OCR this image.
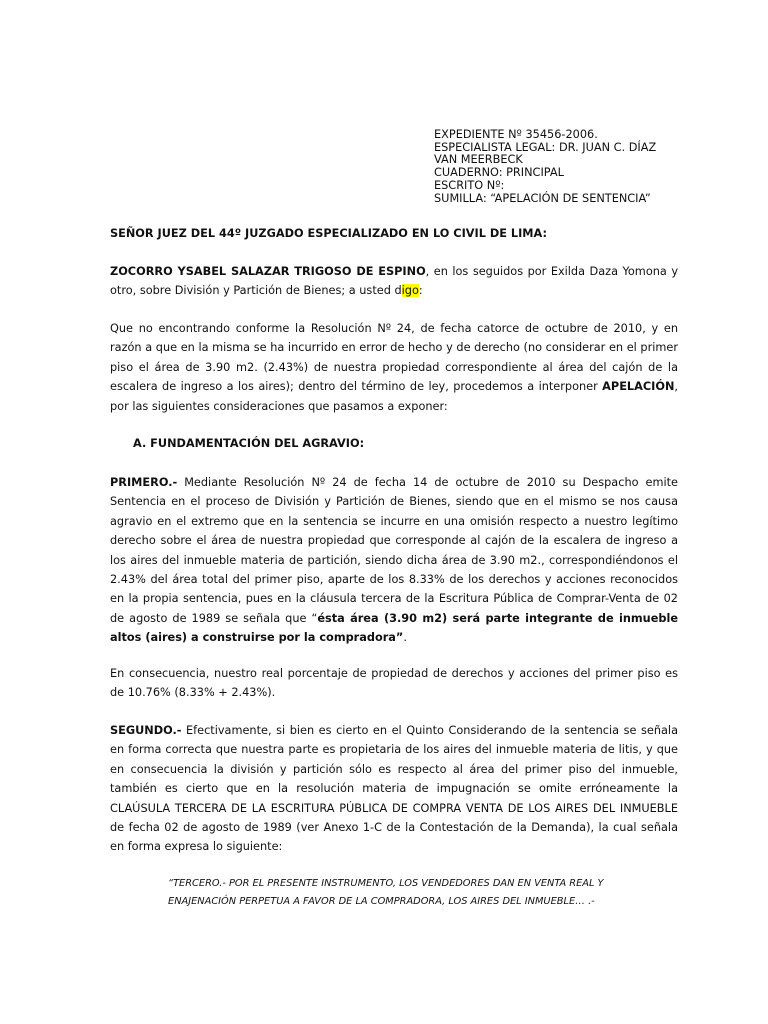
EXPEDIENTE Nº 35456-2006.
ESPECIALISTA LEGAL: DR. JUAN C. DÍAZ
VAN MEERBECK
CUADERNO: PRINCIPAL
ESCRITO Nº:
SUMILLA: “APELACIÓN DE SENTENCIA”
SEÑOR JUEZ DEL 44º JUZGADO ESPECIALIZADO EN LO CIVIL DE LIMA:
ZOCORRO YSABEL SALAZAR TRIGOSO DE ESPINO, en los seguidos por Exilda Daza Yomona y otro, sobre División y Partición de Bienes; a usted digo:
Que no encontrando conforme la Resolución Nº 24, de fecha catorce de octubre de 2010, y en razón a que en la misma se ha incurrido en error de hecho y de derecho (no considerar en el primer piso el área de 3.90 m2. (2.43%) de nuestra propiedad correspondiente al área del cajón de la escalera de ingreso a los aires); dentro del término de ley, procedemos a interponer APELACIÓN, por las siguientes consideraciones que pasamos a exponer:
A. FUNDAMENTACIÓN DEL AGRAVIO:
PRIMERO.- Mediante Resolución Nº 24 de fecha 14 de octubre de 2010 su Despacho emite Sentencia en el proceso de División y Partición de Bienes, siendo que en el mismo se nos causa agravio en el extremo que en la sentencia se incurre en una omisión respecto a nuestro legítimo derecho sobre el área de nuestra propiedad que corresponde al cajón de la escalera de ingreso a los aires del inmueble materia de partición, siendo dicha área de 3.90 m2., correspondiéndonos el 2.43% del área total del primer piso, aparte de los 8.33% de los derechos y acciones reconocidos en la propia sentencia, pues en la cláusula tercera de la Escritura Pública de Comprar-Venta de 02 de agosto de 1989 se señala que “ésta área (3.90 m2) será parte integrante de inmueble altos (aires) a construirse por la compradora”.
En consecuencia, nuestro real porcentaje de propiedad de derechos y acciones del primer piso es de 10.76% (8.33% + 2.43%).
SEGUNDO.- Efectivamente, si bien es cierto en el Quinto Considerando de la sentencia se señala en forma correcta que nuestra parte es propietaria de los aires del inmueble materia de litis, y que en consecuencia la división y partición sólo es respecto al área del primer piso del inmueble, también es cierto que en la resolución materia de impugnación se omite erróneamente la CLAÚSULA TERCERA DE LA ESCRITURA PÚBLICA DE COMPRA VENTA DE LOS AIRES DEL INMUEBLE de fecha 02 de agosto de 1989 (ver Anexo 1-C de la Contestación de la Demanda), la cual señala en forma expresa lo siguiente:
“TERCERO.- POR EL PRESENTE INSTRUMENTO, LOS VENDEDORES DAN EN VENTA REAL Y
ENAJENACIÓN PERPETUA A FAVOR DE LA COMPRADORA, LOS AIRES DEL INMUEBLE… .-
